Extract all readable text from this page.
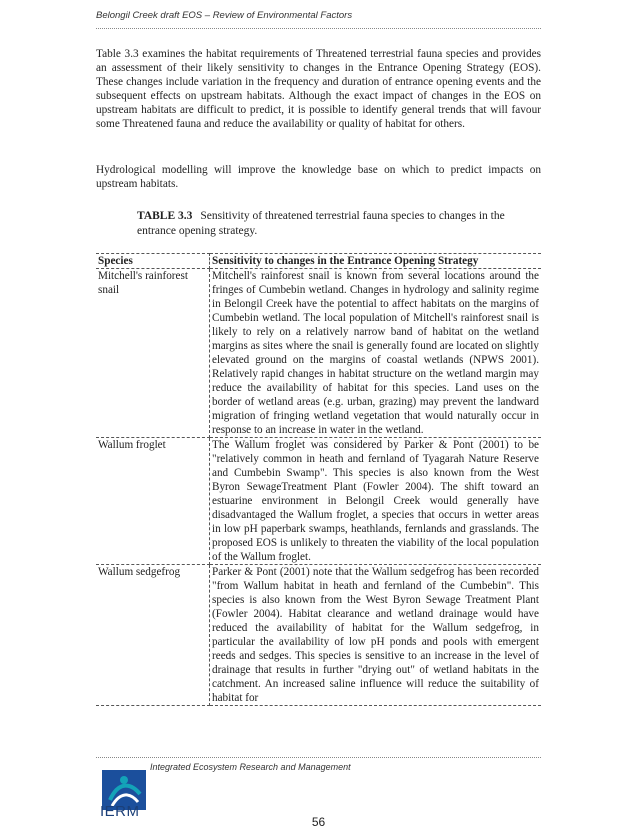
Belongil Creek draft EOS – Review of Environmental Factors
Table 3.3 examines the habitat requirements of Threatened terrestrial fauna species and provides an assessment of their likely sensitivity to changes in the Entrance Opening Strategy (EOS). These changes include variation in the frequency and duration of entrance opening events and the subsequent effects on upstream habitats. Although the exact impact of changes in the EOS on upstream habitats are difficult to predict, it is possible to identify general trends that will favour some Threatened fauna and reduce the availability or quality of habitat for others.
Hydrological modelling will improve the knowledge base on which to predict impacts on upstream habitats.
TABLE 3.3 Sensitivity of threatened terrestrial fauna species to changes in the entrance opening strategy.
Species	Sensitivity to changes in the Entrance Opening Strategy
Mitchell's rainforest snail	Mitchell's rainforest snail is known from several locations around the fringes of Cumbebin wetland. Changes in hydrology and salinity regime in Belongil Creek have the potential to affect habitats on the margins of Cumbebin wetland. The local population of Mitchell's rainforest snail is likely to rely on a relatively narrow band of habitat on the wetland margins as sites where the snail is generally found are located on slightly elevated ground on the margins of coastal wetlands (NPWS 2001). Relatively rapid changes in habitat structure on the wetland margin may reduce the availability of habitat for this species. Land uses on the border of wetland areas (e.g. urban, grazing) may prevent the landward migration of fringing wetland vegetation that would naturally occur in response to an increase in water in the wetland.
Wallum froglet	The Wallum froglet was considered by Parker & Pont (2001) to be "relatively common in heath and fernland of Tyagarah Nature Reserve and Cumbebin Swamp". This species is also known from the West Byron SewageTreatment Plant (Fowler 2004). The shift toward an estuarine environment in Belongil Creek would generally have disadvantaged the Wallum froglet, a species that occurs in wetter areas in low pH paperbark swamps, heathlands, fernlands and grasslands. The proposed EOS is unlikely to threaten the viability of the local population of the Wallum froglet.
Wallum sedgefrog	Parker & Pont (2001) note that the Wallum sedgefrog has been recorded "from Wallum habitat in heath and fernland of the Cumbebin". This species is also known from the West Byron Sewage Treatment Plant (Fowler 2004). Habitat clearance and wetland drainage would have reduced the availability of habitat for the Wallum sedgefrog, in particular the availability of low pH ponds and pools with emergent reeds and sedges. This species is sensitive to an increase in the level of drainage that results in further "drying out" of wetland habitats in the catchment. An increased saline influence will reduce the suitability of habitat for
IERM
Integrated Ecosystem Research and Management
56
